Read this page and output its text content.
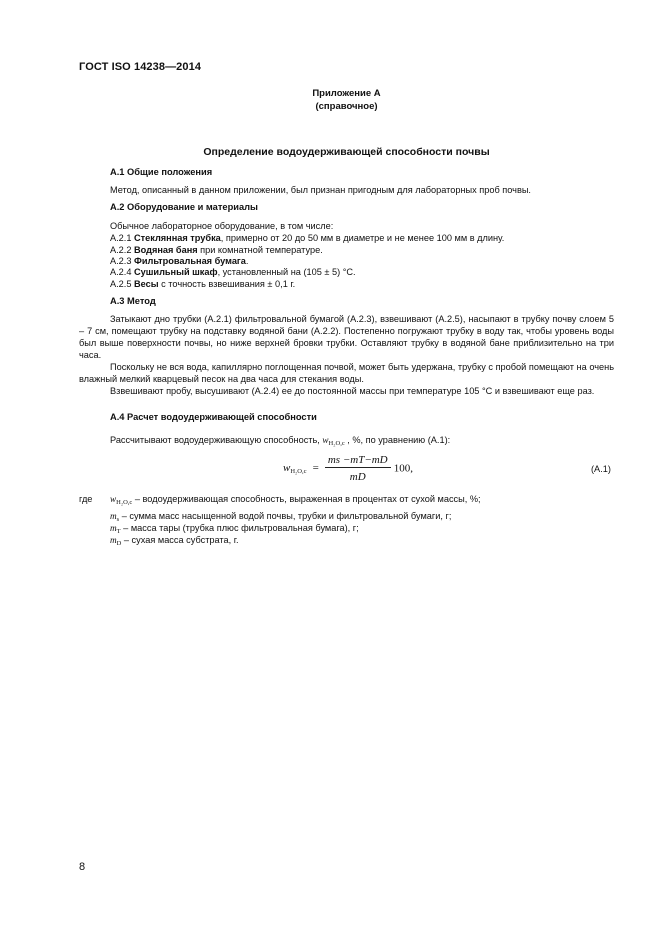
ГОСТ ISO 14238—2014
Приложение А
(справочное)
Определение водоудерживающей способности почвы
А.1 Общие положения
Метод, описанный в данном приложении, был признан пригодным для лабораторных проб почвы.
А.2 Оборудование и материалы
Обычное лабораторное оборудование, в том числе:
А.2.1 Стеклянная трубка, примерно от 20 до 50 мм в диаметре и не менее 100 мм в длину.
А.2.2 Водяная баня при комнатной температуре.
А.2.3 Фильтровальная бумага.
А.2.4 Сушильный шкаф, установленный на (105 ± 5) °С.
А.2.5 Весы с точность взвешивания ± 0,1 г.
А.3 Метод

Затыкают дно трубки (А.2.1) фильтровальной бумагой (А.2.3), взвешивают (А.2.5), насыпают в трубку почву слоем 5 – 7 см, помещают трубку на подставку водяной бани (А.2.2). Постепенно погружают трубку в воду так, чтобы уровень воды был выше поверхности почвы, но ниже верхней бровки трубки. Оставляют трубку в водяной бане приблизительно на три часа.

Поскольку не вся вода, капиллярно поглощенная почвой, может быть удержана, трубку с пробой помещают на очень влажный мелкий кварцевый песок на два часа для стекания воды.

Взвешивают пробу, высушивают (А.2.4) ее до постоянной массы при температуре 105 °С и взвешивают еще раз.

А.4 Расчет водоудерживающей способности
Рассчитывают водоудерживающую способность, $w_{H_2O,c}$ , %, по уравнению (А.1):
$w_{H_2O,c} = \frac{ms -mT-mD}{mD} 100$,	(А.1)
где $w_{H_2O,c}$ – водоудерживающая способность, выраженная в процентах от сухой массы, %;
$m_s$ – сумма масс насыщенной водой почвы, трубки и фильтровальной бумаги, г;
$m_T$ – масса тары (трубка плюс фильтровальная бумага), г;
$m_D$ – сухая масса субстрата, г.
8
